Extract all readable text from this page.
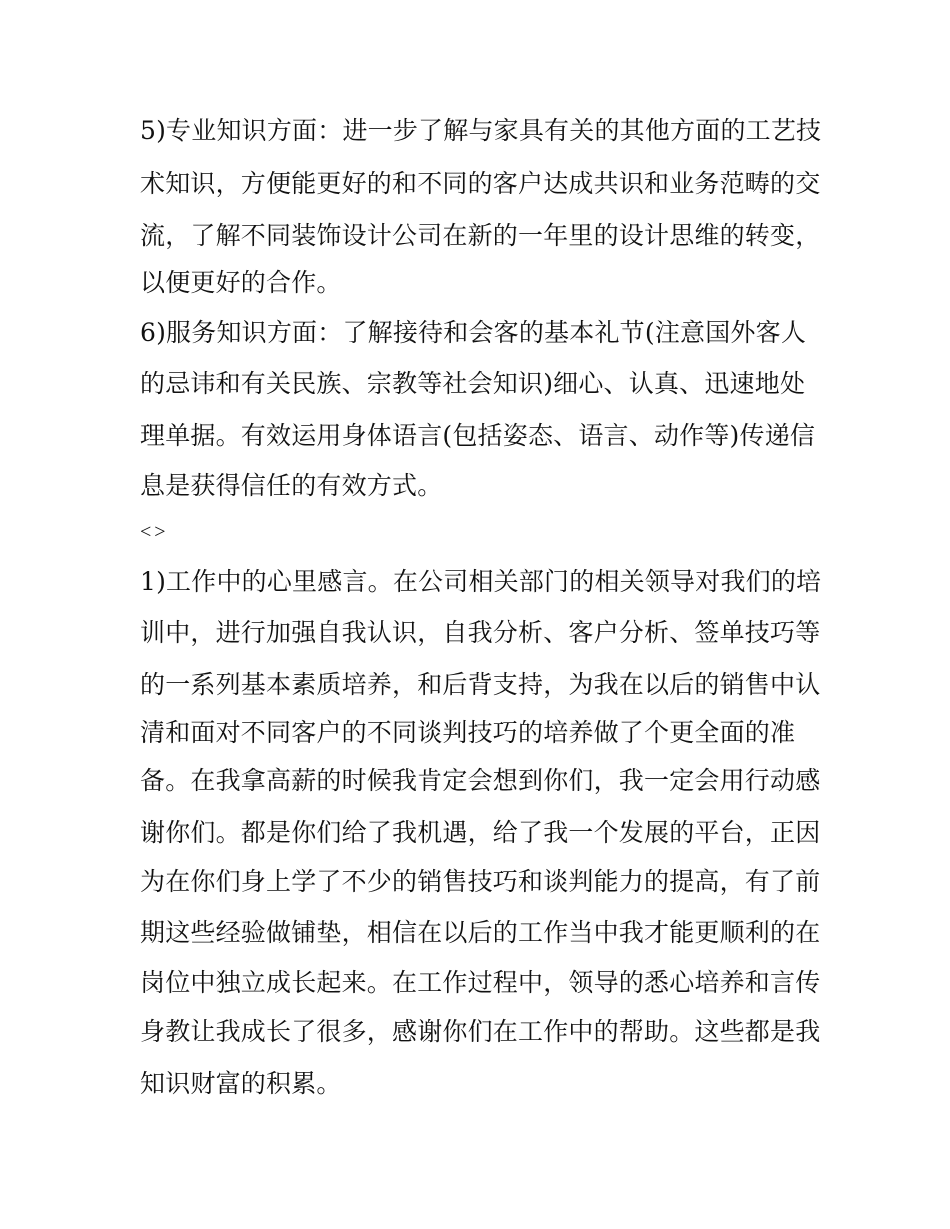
5)专业知识方面：进一步了解与家具有关的其他方面的工艺技
术知识，方便能更好的和不同的客户达成共识和业务范畴的交
流，了解不同装饰设计公司在新的一年里的设计思维的转变，
以便更好的合作。
6)服务知识方面：了解接待和会客的基本礼节(注意国外客人
的忌讳和有关民族、宗教等社会知识)细心、认真、迅速地处
理单据。有效运用身体语言(包括姿态、语言、动作等)传递信
息是获得信任的有效方式。
<>
1)工作中的心里感言。在公司相关部门的相关领导对我们的培
训中，进行加强自我认识，自我分析、客户分析、签单技巧等
的一系列基本素质培养，和后背支持，为我在以后的销售中认
清和面对不同客户的不同谈判技巧的培养做了个更全面的准
备。在我拿高薪的时候我肯定会想到你们，我一定会用行动感
谢你们。都是你们给了我机遇，给了我一个发展的平台，正因
为在你们身上学了不少的销售技巧和谈判能力的提高，有了前
期这些经验做铺垫，相信在以后的工作当中我才能更顺利的在
岗位中独立成长起来。在工作过程中，领导的悉心培养和言传
身教让我成长了很多，感谢你们在工作中的帮助。这些都是我
知识财富的积累。
